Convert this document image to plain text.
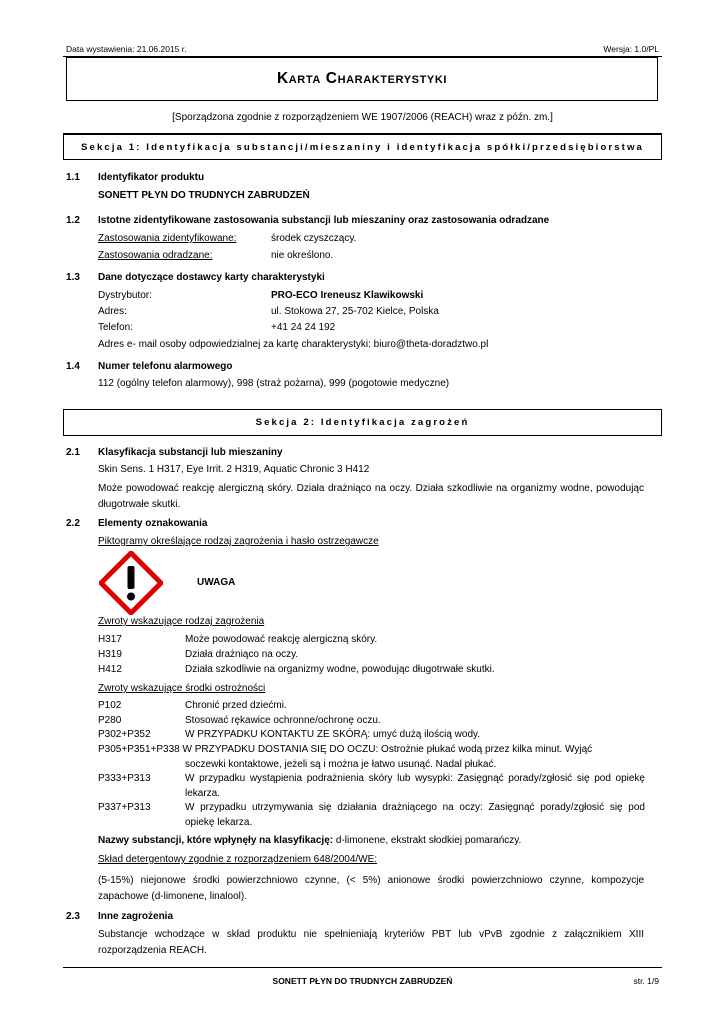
Data wystawienia: 21.06.2015 r.	Wersja: 1.0/PL
Karta Charakterystyki
[Sporządzona zgodnie z rozporządzeniem WE 1907/2006 (REACH) wraz z późn. zm.]
Sekcja 1: Identyfikacja substancji/mieszaniny i identyfikacja spółki/przedsiębiorstwa
1.1 Identyfikator produktu
SONETT PŁYN DO TRUDNYCH ZABRUDZEŃ
1.2 Istotne zidentyfikowane zastosowania substancji lub mieszaniny oraz zastosowania odradzane
Zastosowania zidentyfikowane:	środek czyszczący.
Zastosowania odradzane:	nie określono.
1.3 Dane dotyczące dostawcy karty charakterystyki
Dystrybutor:	PRO-ECO Ireneusz Klawikowski
Adres:	ul. Stokowa 27, 25-702 Kielce, Polska
Telefon:	+41 24 24 192
Adres e- mail osoby odpowiedzialnej za kartę charakterystyki: biuro@theta-doradztwo.pl
1.4 Numer telefonu alarmowego
112 (ogólny telefon alarmowy), 998 (straż pożarna), 999 (pogotowie medyczne)
Sekcja 2: Identyfikacja zagrożeń
2.1 Klasyfikacja substancji lub mieszaniny
Skin Sens. 1 H317, Eye Irrit. 2 H319, Aquatic Chronic 3 H412
Może powodować reakcję alergiczną skóry. Działa drażniąco na oczy. Działa szkodliwie na organizmy wodne, powodując długotrwałe skutki.
2.2 Elementy oznakowania
Piktogramy określające rodzaj zagrożenia i hasło ostrzegawcze
UWAGA
Zwroty wskazujące rodzaj zagrożenia
H317	Może powodować reakcję alergiczną skóry.
H319	Działa drażniąco na oczy.
H412	Działa szkodliwie na organizmy wodne, powodując długotrwałe skutki.
Zwroty wskazujące środki ostrożności
P102	Chronić przed dziećmi.
P280	Stosować rękawice ochronne/ochronę oczu.
P302+P352	W PRZYPADKU KONTAKTU ZE SKÓRĄ: umyć dużą ilością wody.
P305+P351+P338 W PRZYPADKU DOSTANIA SIĘ DO OCZU: Ostrożnie płukać wodą przez kilka minut. Wyjąć
soczewki kontaktowe, jeżeli są i można je łatwo usunąć. Nadal płukać.
P333+P313	W przypadku wystąpienia podrażnienia skóry lub wysypki: Zasięgnąć porady/zgłosić się pod opiekę lekarza.
P337+P313	W przypadku utrzymywania się działania drażniącego na oczy: Zasięgnąć porady/zgłosić się pod opiekę lekarza.
Nazwy substancji, które wpłynęły na klasyfikację: d-limonene, ekstrakt słodkiej pomarańczy.
Skład detergentowy zgodnie z rozporządzeniem 648/2004/WE:
(5-15%) niejonowe środki powierzchniowo czynne, (< 5%) anionowe środki powierzchniowo czynne, kompozycje zapachowe (d-limonene, linalool).
2.3 Inne zagrożenia
Substancje wchodzące w skład produktu nie spełnieniają kryteriów PBT lub vPvB zgodnie z załącznikiem XIII rozporządzenia REACH.
SONETT PŁYN DO TRUDNYCH ZABRUDZEŃ	str. 1/9
